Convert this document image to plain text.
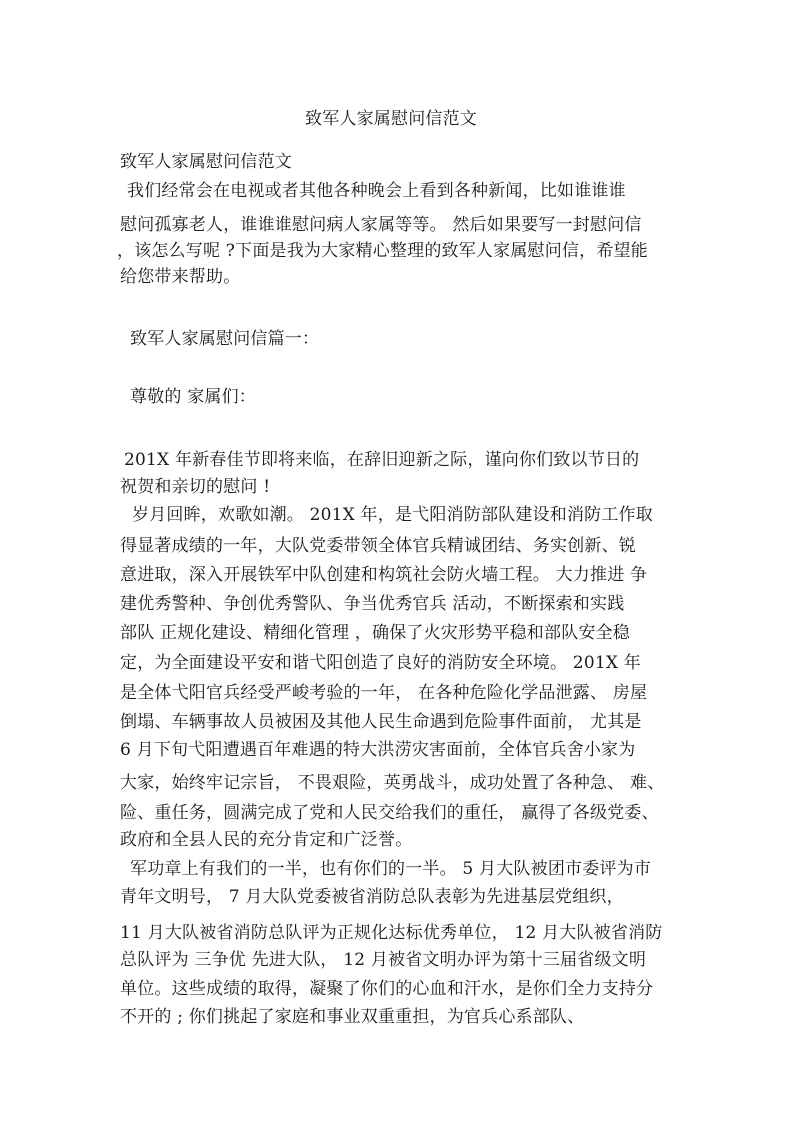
致军人家属慰问信范文
致军人家属慰问信范文
我们经常会在电视或者其他各种晚会上看到各种新闻，比如谁谁谁
慰问孤寡老人，谁谁谁慰问病人家属等等。 然后如果要写一封慰问信
，该怎么写呢 ?下面是我为大家精心整理的致军人家属慰问信，希望能
给您带来帮助。
致军人家属慰问信篇一：
尊敬的 家属们：
201X 年新春佳节即将来临，在辞旧迎新之际，谨向你们致以节日的
祝贺和亲切的慰问 !
岁月回眸，欢歌如潮。 201X 年，是弋阳消防部队建设和消防工作取
得显著成绩的一年，大队党委带领全体官兵精诚团结、务实创新、锐
意进取，深入开展铁军中队创建和构筑社会防火墙工程。 大力推进 争
建优秀警种、争创优秀警队、争当优秀官兵 活动，不断探索和实践
部队 正规化建设、精细化管理 ，确保了火灾形势平稳和部队安全稳
定，为全面建设平安和谐弋阳创造了良好的消防安全环境。 201X 年
是全体弋阳官兵经受严峻考验的一年， 在各种危险化学品泄露、 房屋
倒塌、车辆事故人员被困及其他人民生命遇到危险事件面前， 尤其是
6 月下旬弋阳遭遇百年难遇的特大洪涝灾害面前，全体官兵舍小家为
大家，始终牢记宗旨， 不畏艰险，英勇战斗，成功处置了各种急、 难、
险、重任务，圆满完成了党和人民交给我们的重任， 赢得了各级党委、
政府和全县人民的充分肯定和广泛誉。
军功章上有我们的一半，也有你们的一半。 5 月大队被团市委评为市
青年文明号， 7 月大队党委被省消防总队表彰为先进基层党组织，
11 月大队被省消防总队评为正规化达标优秀单位， 12 月大队被省消防
总队评为 三争优 先进大队， 12 月被省文明办评为第十三届省级文明
单位。这些成绩的取得，凝聚了你们的心血和汗水，是你们全力支持分
不开的 ; 你们挑起了家庭和事业双重重担，为官兵心系部队、
